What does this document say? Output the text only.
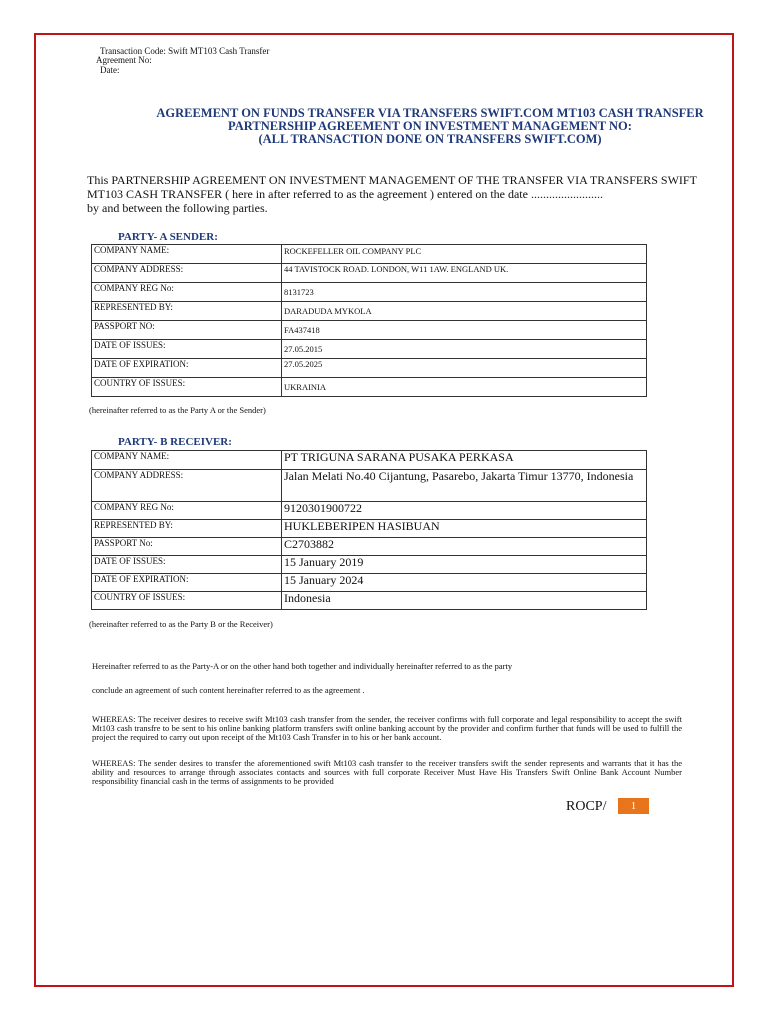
Transaction Code: Swift MT103 Cash Transfer
Agreement No:
Date:
AGREEMENT ON FUNDS TRANSFER VIA TRANSFERS SWIFT.COM MT103 CASH TRANSFER
PARTNERSHIP AGREEMENT ON INVESTMENT MANAGEMENT NO:
(ALL TRANSACTION DONE ON TRANSFERS SWIFT.COM)
This PARTNERSHIP AGREEMENT ON INVESTMENT MANAGEMENT OF THE TRANSFER VIA TRANSFERS SWIFT
MT103 CASH TRANSFER ( here in after referred to as the agreement ) entered on the date ........................
by and between the following parties.
PARTY- A SENDER:
COMPANY NAME:	ROCKEFELLER OIL COMPANY PLC
COMPANY ADDRESS:	44 TAVISTOCK ROAD. LONDON, W11 1AW. ENGLAND UK.
COMPANY REG No:	8131723
REPRESENTED BY:	DARADUDA MYKOLA
PASSPORT NO:	FA437418
DATE OF ISSUES:	27.05.2015
DATE OF EXPIRATION:	27.05.2025
COUNTRY OF ISSUES:	UKRAINIA
(hereinafter referred to as the Party A or the Sender)
PARTY- B RECEIVER:
COMPANY NAME:	PT TRIGUNA SARANA PUSAKA PERKASA
COMPANY ADDRESS:	Jalan Melati No.40 Cijantung, Pasarebo, Jakarta Timur 13770, Indonesia
COMPANY REG No:	9120301900722
REPRESENTED BY:	HUKLEBERIPEN HASIBUAN
PASSPORT No:	C2703882
DATE OF ISSUES:	15 January 2019
DATE OF EXPIRATION:	15 January 2024
COUNTRY OF ISSUES:	Indonesia
(hereinafter referred to as the Party B or the Receiver)
Hereinafter referred to as the Party-A or on the other hand both together and individually hereinafter referred to as the party
conclude an agreement of such content hereinafter referred to as the agreement .
WHEREAS: The receiver desires to receive swift Mt103 cash transfer from the sender, the receiver confirms with full corporate and legal responsibility to accept the swift Mt103 cash transfre to be sent to his online banking platform transfers swift online banking account by the provider and confirm further that funds will be used to fulfill the project the required to carry out upon receipt of the Mt103 Cash Transfer in to his or her bank account.
WHEREAS: The sender desires to transfer the aforementioned swift Mt103 cash transfer to the receiver transfers swift the sender represents and warrants that it has the ability and resources to arrange through associates contacts and sources with full corporate Receiver Must Have His Transfers Swift Online Bank Account Number responsibility financial cash in the terms of assignments to be provided
ROCP/	1
